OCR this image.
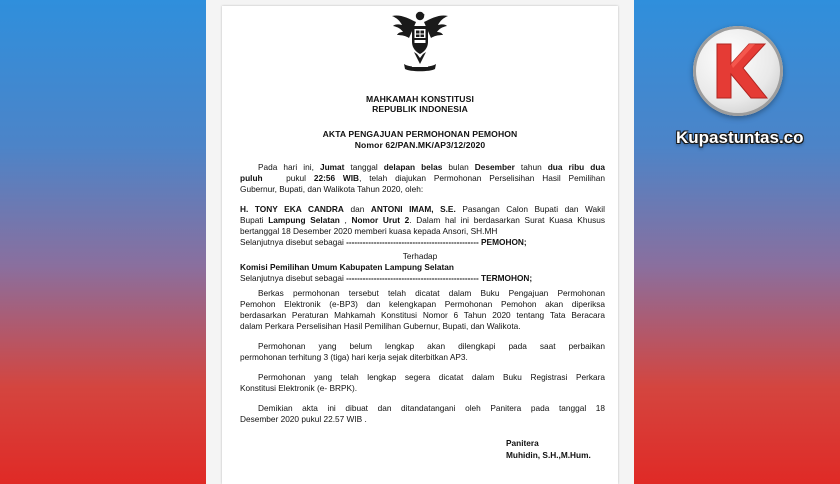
MAHKAMAH KONSTITUSI
REPUBLIK INDONESIA
AKTA PENGAJUAN PERMOHONAN PEMOHON
Nomor 62/PAN.MK/AP3/12/2020
Pada hari ini, Jumat tanggal delapan belas bulan Desember tahun dua ribu dua
puluh   pukul 22:56 WIB, telah diajukan Permohonan Perselisihan Hasil Pemilihan
Gubernur, Bupati, dan Walikota Tahun 2020, oleh:
H. TONY EKA CANDRA dan ANTONI IMAM, S.E. Pasangan Calon Bupati dan Wakil
Bupati Lampung Selatan , Nomor Urut 2. Dalam hal ini berdasarkan Surat Kuasa Khusus
bertanggal 18 Desember 2020 memberi kuasa kepada Ansori, SH.MH
Selanjutnya disebut sebagai ------------------------------------------------ PEMOHON;
Terhadap
Komisi Pemilihan Umum Kabupaten Lampung Selatan
Selanjutnya disebut sebagai ------------------------------------------------ TERMOHON;
Berkas permohonan tersebut telah dicatat dalam Buku Pengajuan Permohonan
Pemohon Elektronik (e-BP3) dan kelengkapan Permohonan Pemohon akan diperiksa
berdasarkan Peraturan Mahkamah Konstitusi Nomor 6 Tahun 2020 tentang Tata Beracara
dalam Perkara Perselisihan Hasil Pemilihan Gubernur, Bupati, dan Walikota.
Permohonan yang belum lengkap akan dilengkapi pada saat perbaikan
permohonan terhitung 3 (tiga) hari kerja sejak diterbitkan AP3.
Permohonan yang telah lengkap segera dicatat dalam Buku Registrasi Perkara
Konstitusi Elektronik (e- BRPK).
Demikian akta ini dibuat dan ditandatangani oleh Panitera pada tanggal 18
Desember 2020 pukul 22.57 WIB .
Panitera
Muhidin, S.H.,M.Hum.
Kupastuntas.co
